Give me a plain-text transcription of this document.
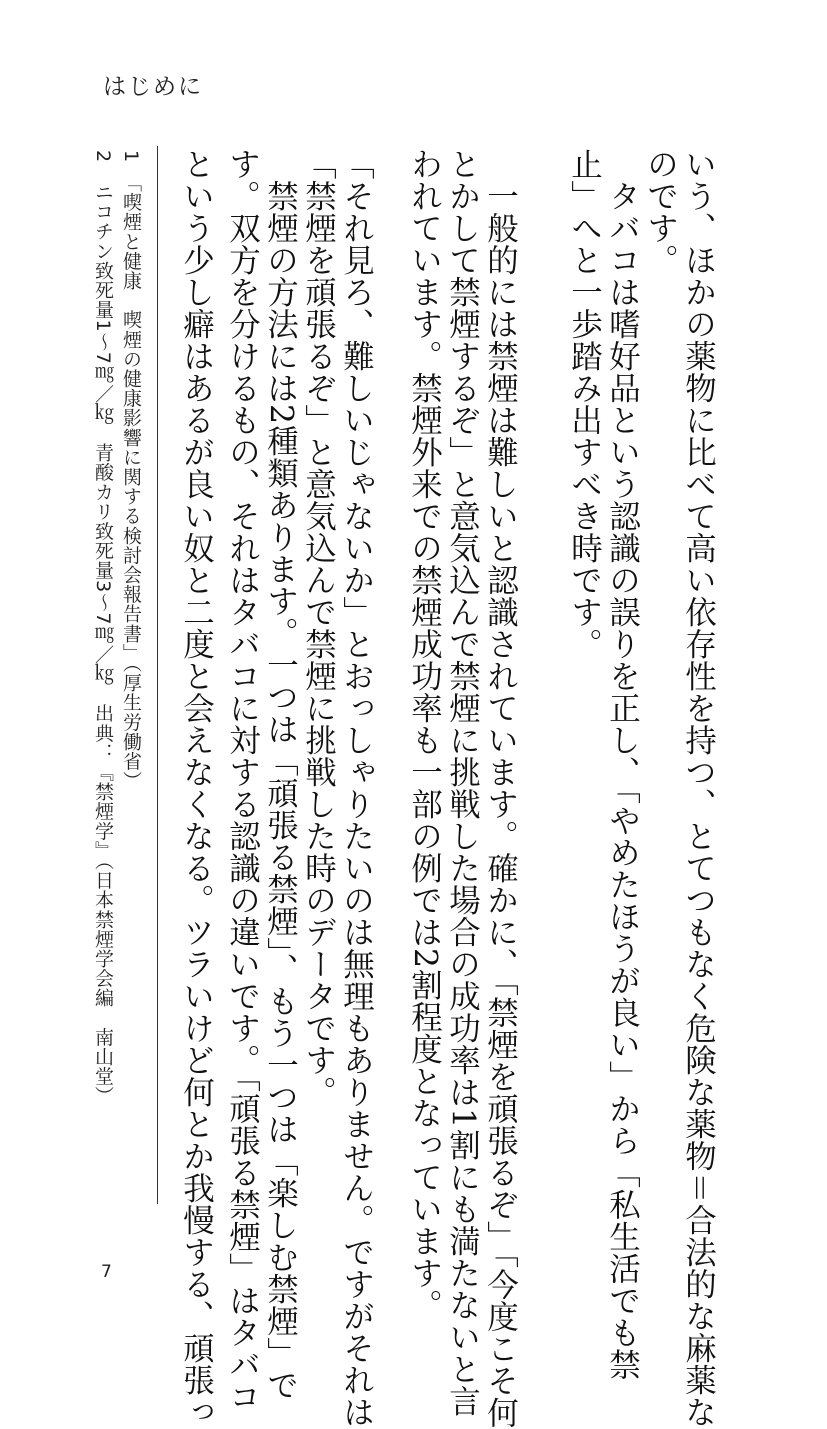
はじめに
いう、ほかの薬物に比べて高い依存性を持つ、とてつもなく危険な薬物＝合法的な麻薬な
のです。
　タバコは嗜好品という認識の誤りを正し、「やめたほうが良い」から「私生活でも禁
止」へと一歩踏み出すべき時です。
　一般的には禁煙は難しいと認識されています。確かに、「禁煙を頑張るぞ」「今度こそ何
とかして禁煙するぞ」と意気込んで禁煙に挑戦した場合の成功率は1割にも満たないと言
われています。禁煙外来での禁煙成功率も一部の例では2割程度となっています。
「それ見ろ、難しいじゃないか」とおっしゃりたいのは無理もありません。ですがそれは
「禁煙を頑張るぞ」と意気込んで禁煙に挑戦した時のデータです。
　禁煙の方法には2種類あります。一つは「頑張る禁煙」、もう一つは「楽しむ禁煙」で
す。双方を分けるもの、それはタバコに対する認識の違いです。「頑張る禁煙」はタバコ
という少し癖はあるが良い奴と二度と会えなくなる。ツラいけど何とか我慢する、頑張っ
1　「喫煙と健康　喫煙の健康影響に関する検討会報告書」（厚生労働省）
2　ニコチン致死量1〜7㎎／㎏　青酸カリ致死量3〜7㎎／㎏　出典：『禁煙学』（日本禁煙学会編　南山堂）
7
